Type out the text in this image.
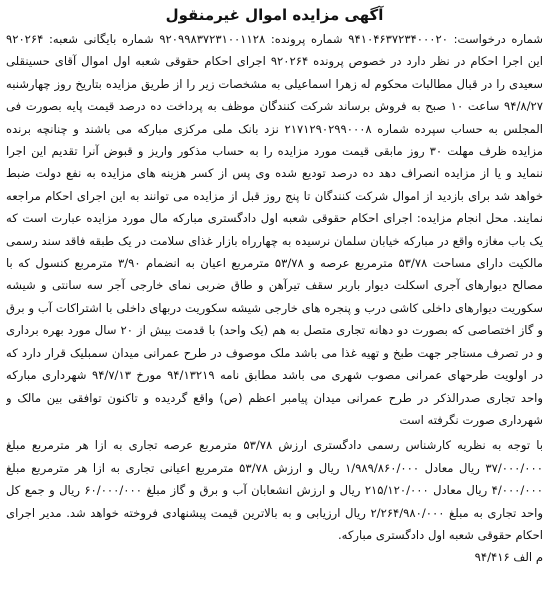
آگهی مزایده اموال غیرمنقول

شماره درخواست: ۹۴۱۰۴۶۳۷۲۳۴۰۰۰۲۰ شماره پرونده: ۹۲۰۹۹۸۳۷۲۳۱۰۰۱۱۲۸ شماره بایگانی شعبه: ۹۲۰۲۶۴ این اجرا احکام در نظر دارد در خصوص پرونده ۹۲۰۲۶۴ اجرای احکام حقوقی شعبه اول اموال آقای حسینقلی سعیدی را در قبال مطالبات محکوم له زهرا اسماعیلی به مشخصات زیر را از طریق مزایده بتاریخ روز چهارشنبه ۹۴/۸/۲۷ ساعت ۱۰ صبح به فروش برساند شرکت کنندگان موظف به پرداخت ده درصد قیمت پایه بصورت فی المجلس به حساب سپرده شماره ۲۱۷۱۲۹۰۲۹۹۰۰۰۸ نزد بانک ملی مرکزی مبارکه می باشند و چنانچه برنده مزایده ظرف مهلت ۳۰ روز مابقی قیمت مورد مزایده را به حساب مذکور واریز و قبوض آنرا تقدیم این اجرا ننماید و یا از مزایده انصراف دهد ده درصد تودیع شده وی پس از کسر هزینه های مزایده به نفع دولت ضبط خواهد شد برای بازدید از اموال شرکت کنندگان تا پنج روز قبل از مزایده می توانند به این اجرای احکام مراجعه نمایند. محل انجام مزایده: اجرای احکام حقوقی شعبه اول دادگستری مبارکه مال مورد مزایده عبارت است که یک باب مغازه واقع در مبارکه خیابان سلمان نرسیده به چهارراه بازار غذای سلامت در یک طبقه فاقد سند رسمی مالکیت دارای مساحت ۵۳/۷۸ مترمربع عرصه و ۵۳/۷۸ مترمربع اعیان به انضمام ۳/۹۰ مترمربع کنسول که با مصالح دیوارهای آجری اسکلت دیوار باربر سقف تیرآهن و طاق ضربی نمای خارجی آجر سه سانتی و شیشه سکوریت دیوارهای داخلی کاشی درب و پنجره های خارجی شیشه سکوریت دربهای داخلی با اشتراکات آب و برق و گاز اختصاصی که بصورت دو دهانه تجاری متصل به هم (یک واحد) با قدمت بیش از ۲۰ سال مورد بهره برداری و در تصرف مستاجر جهت طبخ و تهیه غذا می باشد ملک موصوف در طرح عمرانی میدان سمبلیک قرار دارد که در اولویت طرحهای عمرانی مصوب شهری می باشد مطابق نامه ۹۴/۱۳۲۱۹ مورخ ۹۴/۷/۱۳ شهرداری مبارکه واحد تجاری صدرالذکر در طرح عمرانی میدان پیامبر اعظم (ص) واقع گردیده و تاکنون توافقی بین مالک و شهرداری صورت نگرفته است

با توجه به نظریه کارشناس رسمی دادگستری ارزش ۵۳/۷۸ مترمربع عرصه تجاری به ازا هر مترمربع مبلغ ۳۷/۰۰۰/۰۰۰ ریال معادل ۱/۹۸۹/۸۶۰/۰۰۰ ریال و ارزش ۵۳/۷۸ مترمربع اعیانی تجاری به ازا هر مترمربع مبلغ ۴/۰۰۰/۰۰۰ ریال معادل ۲۱۵/۱۲۰/۰۰۰ ریال و ارزش انشعابان آب و برق و گاز مبلغ ۶۰/۰۰۰/۰۰۰ ریال و جمع کل واحد تجاری به مبلغ ۲/۲۶۴/۹۸۰/۰۰۰ ریال ارزیابی و به بالاترین قیمت پیشنهادی فروخته خواهد شد. مدیر اجرای احکام حقوقی شعبه اول دادگستری مبارکه.

م الف ۹۴/۴۱۶
